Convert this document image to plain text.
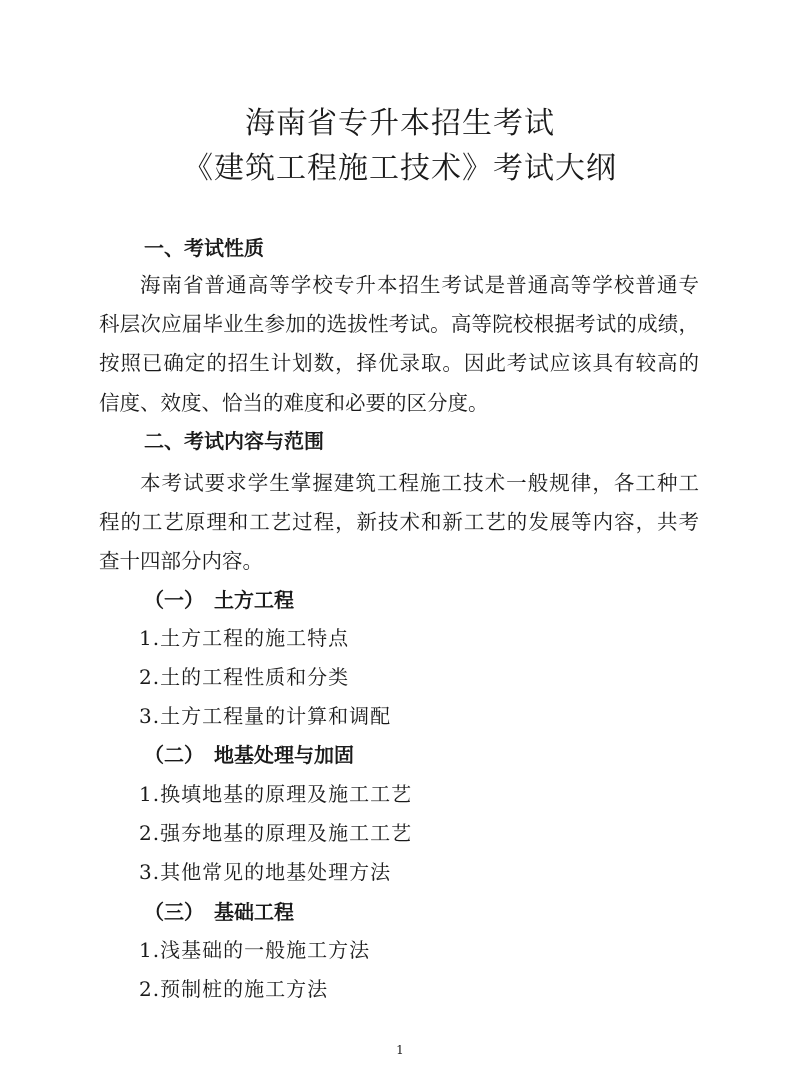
海南省专升本招生考试
《建筑工程施工技术》考试大纲
一、考试性质
海南省普通高等学校专升本招生考试是普通高等学校普通专
科层次应届毕业生参加的选拔性考试。高等院校根据考试的成绩，
按照已确定的招生计划数，择优录取。因此考试应该具有较高的
信度、效度、恰当的难度和必要的区分度。
二、考试内容与范围
本考试要求学生掌握建筑工程施工技术一般规律，各工种工
程的工艺原理和工艺过程，新技术和新工艺的发展等内容，共考
查十四部分内容。
（一） 土方工程
1.土方工程的施工特点
2.土的工程性质和分类
3.土方工程量的计算和调配
（二） 地基处理与加固
1.换填地基的原理及施工工艺
2.强夯地基的原理及施工工艺
3.其他常见的地基处理方法
（三） 基础工程
1.浅基础的一般施工方法
2.预制桩的施工方法
1
